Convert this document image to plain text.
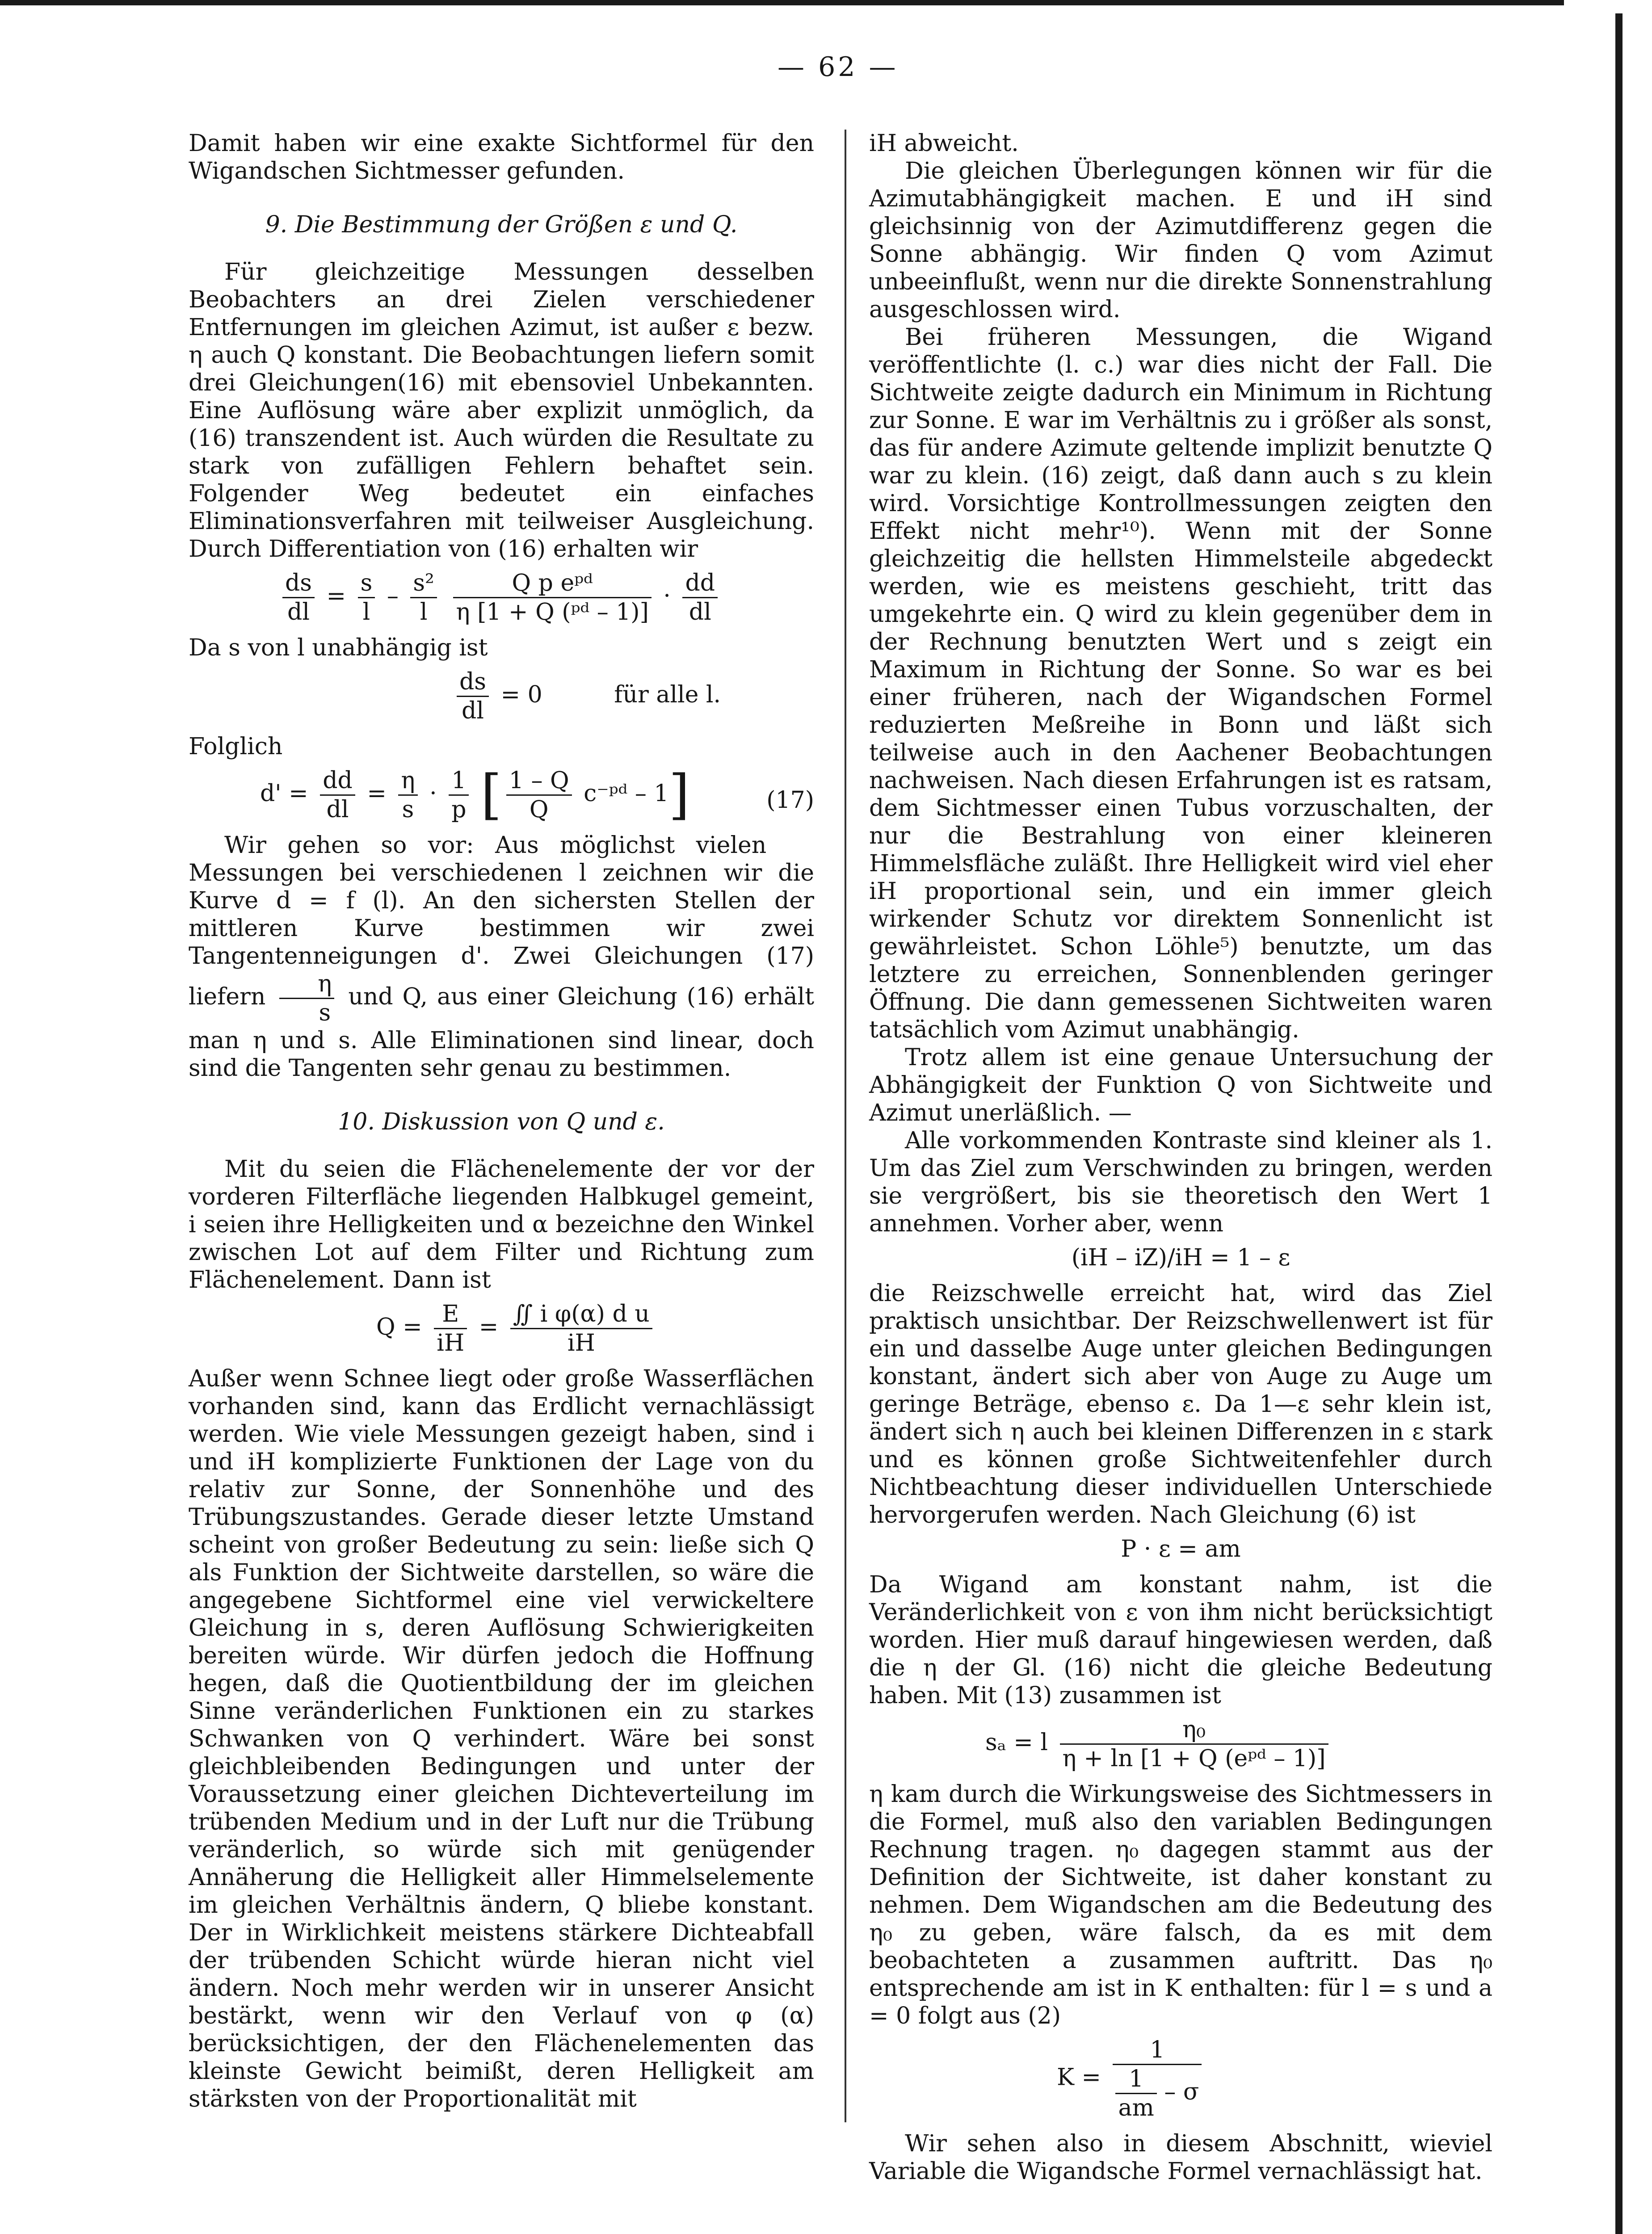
— 62 —

Damit haben wir eine exakte Sichtformel für den Wigandschen Sichtmesser gefunden.

9. Die Bestimmung der Größen ε und Q.

Für gleichzeitige Messungen desselben Beobachters an drei Zielen verschiedener Entfernungen im gleichen Azimut, ist außer ε bezw. η auch Q konstant. Die Beobachtungen liefern somit drei Gleichungen(16) mit ebensoviel Unbekannten. Eine Auflösung wäre aber explizit unmöglich, da (16) transzendent ist. Auch würden die Resultate zu stark von zufälligen Fehlern behaftet sein. Folgender Weg bedeutet ein einfaches Eliminationsverfahren mit teilweiser Ausgleichung. Durch Differentiation von (16) erhalten wir

$\frac{ds}{dl} = \frac{s}{l} - \frac{\text{s²}}{l}$
$\frac{\text{Q p eᵖᵈ}}{\text{η [1 + Q (ᵖᵈ – 1)]}} \cdot \frac{dd}{dl}$

Da s von l unabhängig ist

$\frac{ds}{dl} = 0$	für alle l.

Folglich

$d' = \frac{dd}{dl} = \frac{\eta}{s} \cdot \frac{1}{p}$ [ $\frac{1 - Q}{Q}$ c⁻ᵖᵈ – 1]	(17)

Wir gehen so vor: Aus möglichst vielen Messungen bei verschiedenen l zeichnen wir die Kurve d = f (l). An den sichersten Stellen der mittleren Kurve bestimmen wir zwei Tangentenneigungen d'. Zwei Gleichungen (17) liefern $\frac{\eta}{s}$ und Q, aus einer Gleichung (16) erhält man η und s. Alle Eliminationen sind linear, doch sind die Tangenten sehr genau zu bestimmen.

10. Diskussion von Q und ε.

Mit du seien die Flächenelemente der vor der vorderen Filterfläche liegenden Halbkugel gemeint, i seien ihre Helligkeiten und α bezeichne den Winkel zwischen Lot auf dem Filter und Richtung zum Flächenelement. Dann ist

$Q = \frac{E}{iH} = \frac{\text{∬ i φ(α) d u}}{iH}$

Außer wenn Schnee liegt oder große Wasserflächen vorhanden sind, kann das Erdlicht vernachlässigt werden. Wie viele Messungen gezeigt haben, sind i und iH komplizierte Funktionen der Lage von du relativ zur Sonne, der Sonnenhöhe und des Trübungszustandes. Gerade dieser letzte Umstand scheint von großer Bedeutung zu sein: ließe sich Q als Funktion der Sichtweite darstellen, so wäre die angegebene Sichtformel eine viel verwickeltere Gleichung in s, deren Auflösung Schwierigkeiten bereiten würde. Wir dürfen jedoch die Hoffnung hegen, daß die Quotientbildung der im gleichen Sinne veränderlichen Funktionen ein zu starkes Schwanken von Q verhindert. Wäre bei sonst gleichbleibenden Bedingungen und unter der Voraussetzung einer gleichen Dichteverteilung im trübenden Medium und in der Luft nur die Trübung veränderlich, so würde sich mit genügender Annäherung die Helligkeit aller Himmelselemente im gleichen Verhältnis ändern, Q bliebe konstant. Der in Wirklichkeit meistens stärkere Dichteabfall der trübenden Schicht würde hieran nicht viel ändern. Noch mehr werden wir in unserer Ansicht bestärkt, wenn wir den Verlauf von φ (α) berücksichtigen, der den Flächenelementen das kleinste Gewicht beimißt, deren Helligkeit am stärksten von der Proportionalität mit

iH abweicht.

Die gleichen Überlegungen können wir für die Azimutabhängigkeit machen. E und iH sind gleichsinnig von der Azimutdifferenz gegen die Sonne abhängig. Wir finden Q vom Azimut unbeeinflußt, wenn nur die direkte Sonnenstrahlung ausgeschlossen wird.

Bei früheren Messungen, die Wigand veröffentlichte (l. c.) war dies nicht der Fall. Die Sichtweite zeigte dadurch ein Minimum in Richtung zur Sonne. E war im Verhältnis zu i größer als sonst, das für andere Azimute geltende implizit benutzte Q war zu klein. (16) zeigt, daß dann auch s zu klein wird. Vorsichtige Kontrollmessungen zeigten den Effekt nicht mehr¹⁰). Wenn mit der Sonne gleichzeitig die hellsten Himmelsteile abgedeckt werden, wie es meistens geschieht, tritt das umgekehrte ein. Q wird zu klein gegenüber dem in der Rechnung benutzten Wert und s zeigt ein Maximum in Richtung der Sonne. So war es bei einer früheren, nach der Wigandschen Formel reduzierten Meßreihe in Bonn und läßt sich teilweise auch in den Aachener Beobachtungen nachweisen. Nach diesen Erfahrungen ist es ratsam, dem Sichtmesser einen Tubus vorzuschalten, der nur die Bestrahlung von einer kleineren Himmelsfläche zuläßt. Ihre Helligkeit wird viel eher iH proportional sein, und ein immer gleich wirkender Schutz vor direktem Sonnenlicht ist gewährleistet. Schon Löhle⁵) benutzte, um das letztere zu erreichen, Sonnenblenden geringer Öffnung. Die dann gemessenen Sichtweiten waren tatsächlich vom Azimut unabhängig.

Trotz allem ist eine genaue Untersuchung der Abhängigkeit der Funktion Q von Sichtweite und Azimut unerläßlich. —

Alle vorkommenden Kontraste sind kleiner als 1. Um das Ziel zum Verschwinden zu bringen, werden sie vergrößert, bis sie theoretisch den Wert 1 annehmen. Vorher aber, wenn

(iH – iZ)/iH = 1 – ε

die Reizschwelle erreicht hat, wird das Ziel praktisch unsichtbar. Der Reizschwellenwert ist für ein und dasselbe Auge unter gleichen Bedingungen konstant, ändert sich aber von Auge zu Auge um geringe Beträge, ebenso ε. Da 1—ε sehr klein ist, ändert sich η auch bei kleinen Differenzen in ε stark und es können große Sichtweitenfehler durch Nichtbeachtung dieser individuellen Unterschiede hervorgerufen werden. Nach Gleichung (6) ist

P · ε = am

Da Wigand am konstant nahm, ist die Veränderlichkeit von ε von ihm nicht berücksichtigt worden. Hier muß darauf hingewiesen werden, daß die η der Gl. (16) nicht die gleiche Bedeutung haben. Mit (13) zusammen ist

sₐ = l $\frac{\text{η₀}}{\text{η + ln [1 + Q (eᵖᵈ – 1)]}}$

η kam durch die Wirkungsweise des Sichtmessers in die Formel, muß also den variablen Bedingungen Rechnung tragen. η₀ dagegen stammt aus der Definition der Sichtweite, ist daher konstant zu nehmen. Dem Wigandschen am die Bedeutung des η₀ zu geben, wäre falsch, da es mit dem beobachteten a zusammen auftritt. Das η₀ entsprechende am ist in K enthalten: für l = s und a = 0 folgt aus (2)

$K = \frac{1}{\frac{1}{am} - \sigma}$

Wir sehen also in diesem Abschnitt, wieviel Variable die Wigandsche Formel vernachlässigt hat.
